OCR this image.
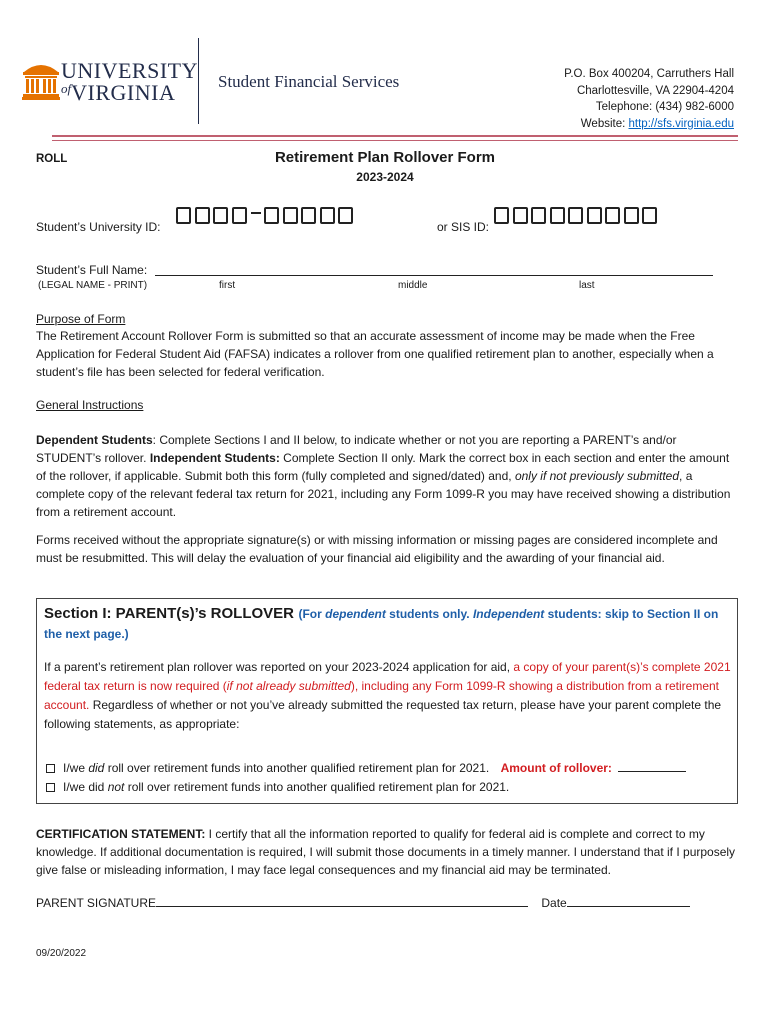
UNIVERSITY
$^{of}$VIRGINIA	Student Financial Services	P.O. Box 400204, Carruthers Hall
Charlottesville, VA 22904-4204
Telephone: (434) 982-6000
Website: http://sfs.virginia.edu
ROLL	Retirement Plan Rollover Form
2023-2024
Student’s University ID:	or SIS ID:
Student’s Full Name:
(LEGAL NAME - PRINT)	first	middle	last
Purpose of Form
The Retirement Account Rollover Form is submitted so that an accurate assessment of income may be made when the Free Application for Federal Student Aid (FAFSA) indicates a rollover from one qualified retirement plan to another, especially when a student’s file has been selected for federal verification.
General Instructions
Dependent Students: Complete Sections I and II below, to indicate whether or not you are reporting a PARENT’s and/or STUDENT’s rollover. Independent Students: Complete Section II only. Mark the correct box in each section and enter the amount of the rollover, if applicable. Submit both this form (fully completed and signed/dated) and, only if not previously submitted, a complete copy of the relevant federal tax return for 2021, including any Form 1099-R you may have received showing a distribution from a retirement account.
Forms received without the appropriate signature(s) or with missing information or missing pages are considered incomplete and must be resubmitted. This will delay the evaluation of your financial aid eligibility and the awarding of your financial aid.
Section I: PARENT(s)’s ROLLOVER (For dependent students only. Independent students: skip to Section II on the next page.)
If a parent’s retirement plan rollover was reported on your 2023-2024 application for aid, a copy of your parent(s)’s complete 2021 federal tax return is now required (if not already submitted), including any Form 1099-R showing a distribution from a retirement account. Regardless of whether or not you’ve already submitted the requested tax return, please have your parent complete the following statements, as appropriate:
I/we did roll over retirement funds into another qualified retirement plan for 2021. Amount of rollover:
I/we did not roll over retirement funds into another qualified retirement plan for 2021.
CERTIFICATION STATEMENT: I certify that all the information reported to qualify for federal aid is complete and correct to my knowledge. If additional documentation is required, I will submit those documents in a timely manner. I understand that if I purposely give false or misleading information, I may face legal consequences and my financial aid may be terminated.
PARENT SIGNATURE	Date
09/20/2022
